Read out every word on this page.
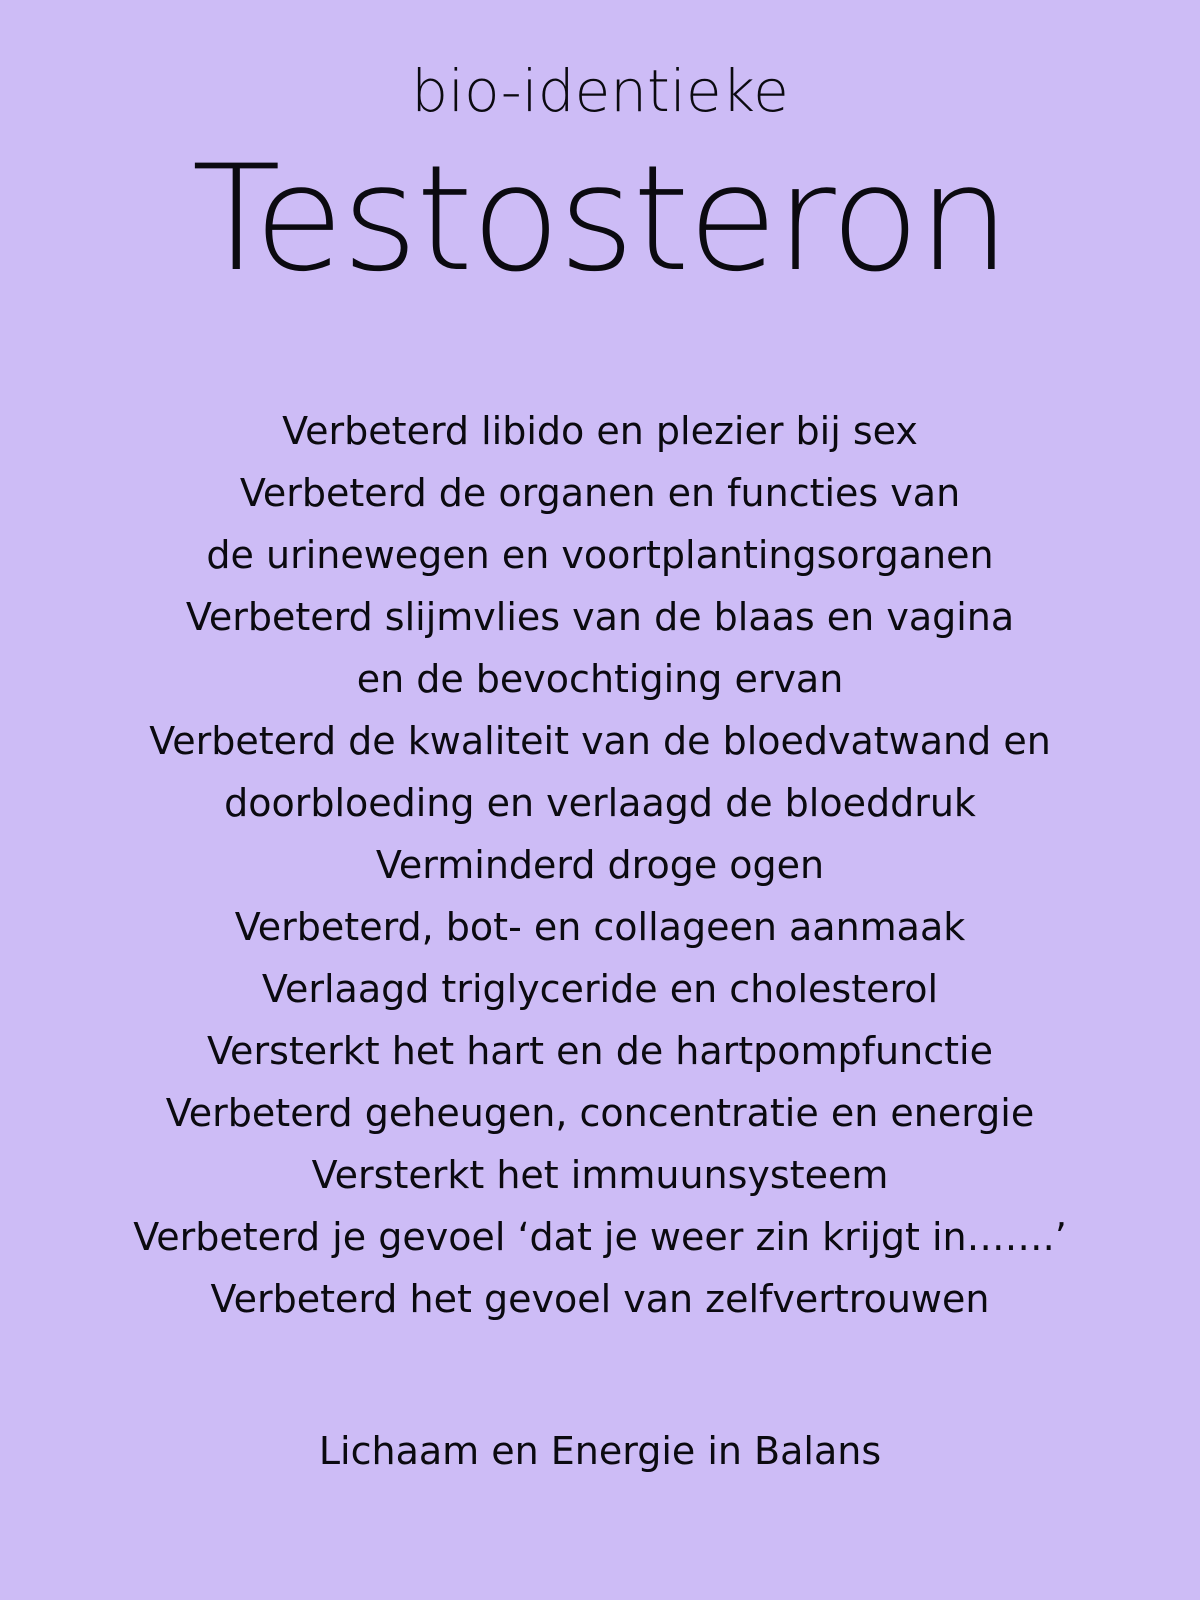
bio-identieke
Testosteron
Verbeterd libido en plezier bij sex
Verbeterd de organen en functies van
de urinewegen en voortplantingsorganen
Verbeterd slijmvlies van de blaas en vagina
en de bevochtiging ervan
Verbeterd de kwaliteit van de bloedvatwand en
doorbloeding en verlaagd de bloeddruk
Verminderd droge ogen
Verbeterd, bot- en collageen aanmaak
Verlaagd triglyceride en cholesterol
Versterkt het hart en de hartpompfunctie
Verbeterd geheugen, concentratie en energie
Versterkt het immuunsysteem
Verbeterd je gevoel ‘dat je weer zin krijgt in…….’
Verbeterd het gevoel van zelfvertrouwen
Lichaam en Energie in Balans
